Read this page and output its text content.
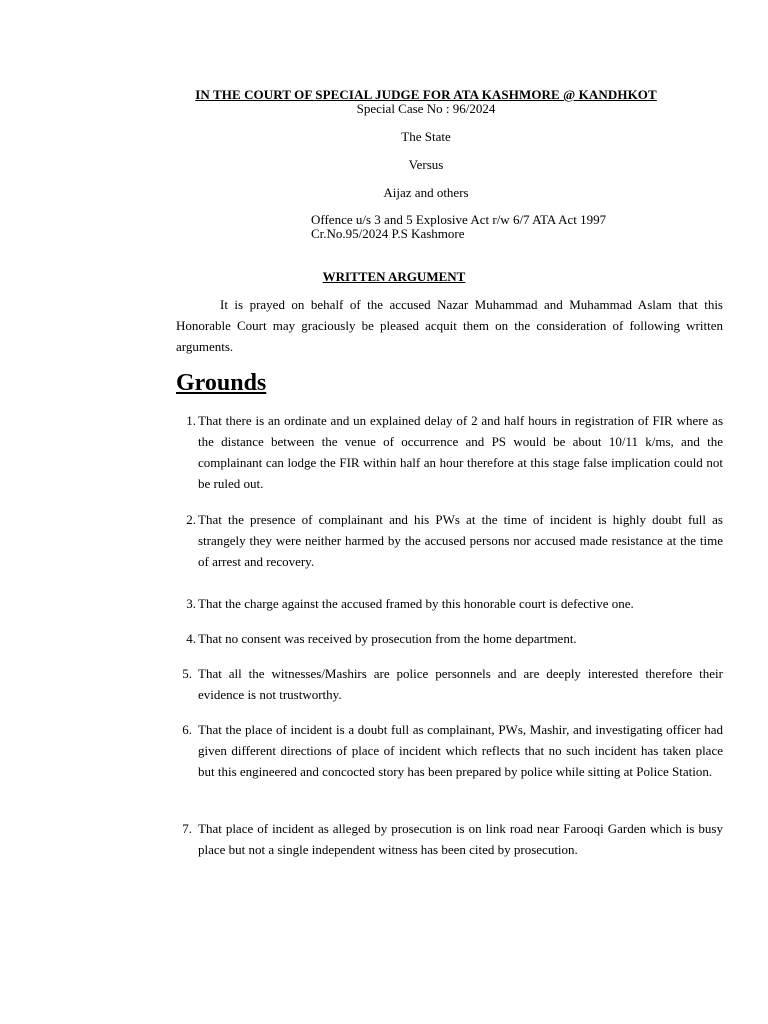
IN THE COURT OF SPECIAL JUDGE FOR ATA KASHMORE @ KANDHKOT
Special Case No : 96/2024
The State
Versus
Aijaz and others
Offence u/s 3 and 5 Explosive Act r/w 6/7 ATA Act 1997
Cr.No.95/2024 P.S Kashmore
WRITTEN ARGUMENT
It is prayed on behalf of the accused Nazar Muhammad and Muhammad Aslam that this Honorable Court may graciously be pleased acquit them on the consideration of following written arguments.
Grounds
1. That there is an ordinate and un explained delay of 2 and half hours in registration of FIR where as the distance between the venue of occurrence and PS would be about 10/11 k/ms, and the complainant can lodge the FIR within half an hour therefore at this stage false implication could not be ruled out.
2. That the presence of complainant and his PWs at the time of incident is highly doubt full as strangely they were neither harmed by the accused persons nor accused made resistance at the time of arrest and recovery.
3. That the charge against the accused framed by this honorable court is defective one.
4. That no consent was received by prosecution from the home department.
5. That all the witnesses/Mashirs are police personnels and are deeply interested therefore their evidence is not trustworthy.
6. That the place of incident is a doubt full as complainant, PWs, Mashir, and investigating officer had given different directions of place of incident which reflects that no such incident has taken place but this engineered and concocted story has been prepared by police while sitting at Police Station.
7. That place of incident as alleged by prosecution is on link road near Farooqi Garden which is busy place but not a single independent witness has been cited by prosecution.
